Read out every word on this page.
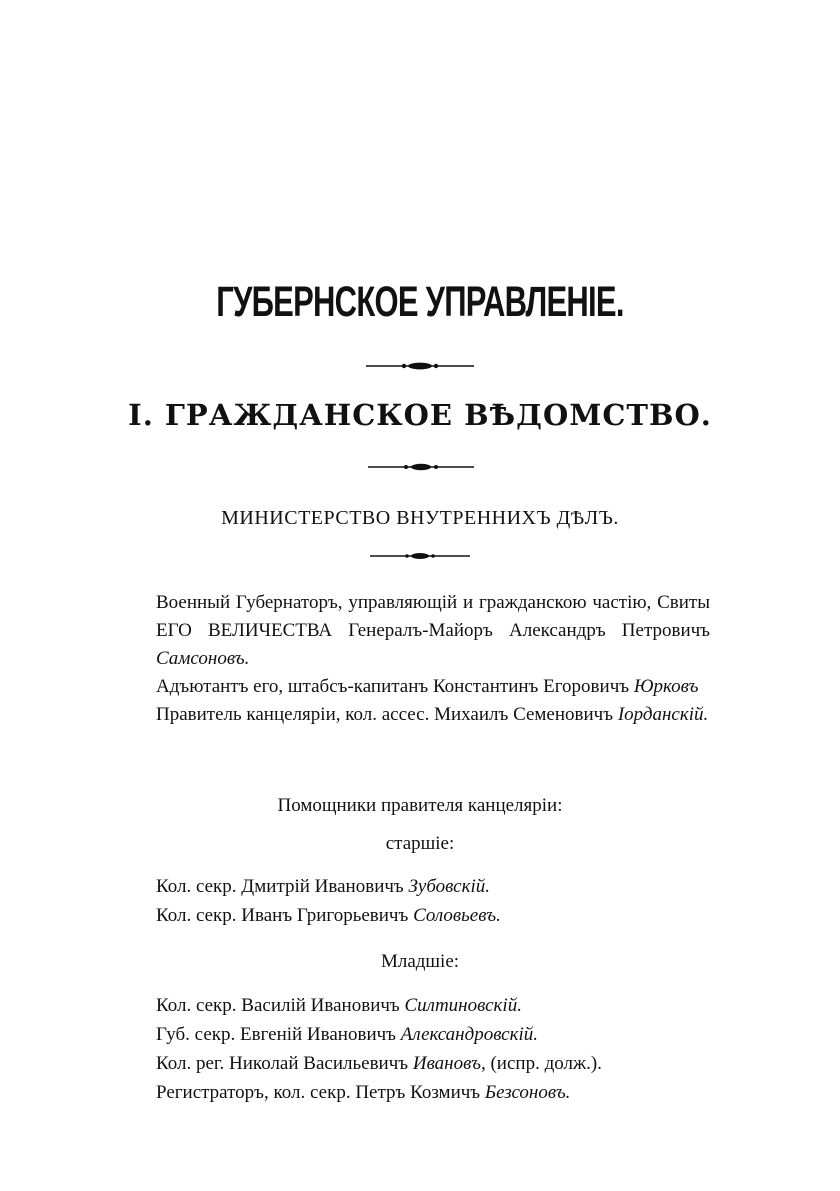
ГУБЕРНСКОЕ УПРАВЛЕНІЕ.
I. ГРАЖДАНСКОЕ ВѢДОМСТВО.
МИНИСТЕРСТВО ВНУТРЕННИХЪ ДѢЛЪ.

Военный Губернаторъ, управляющій и гражданскою частію, Свиты ЕГО ВЕЛИЧЕСТВА Генералъ-Майоръ Александръ Петровичъ Самсоновъ.

Адъютантъ его, штабсъ-капитанъ Константинъ Егоровичъ Юрковъ

Правитель канцеляріи, кол. ассес. Михаилъ Семеновичъ Іорданскій.

Помощники правителя канцеляріи:
старшіе:
Кол. секр. Дмитрій Ивановичъ Зубовскій.
Кол. секр. Иванъ Григорьевичъ Соловьевъ.
Младшіе:
Кол. секр. Василій Ивановичъ Силтиновскій.
Губ. секр. Евгеній Ивановичъ Александровскій.
Кол. рег. Николай Васильевичъ Ивановъ, (испр. долж.).
Регистраторъ, кол. секр. Петръ Козмичъ Безсоновъ.
